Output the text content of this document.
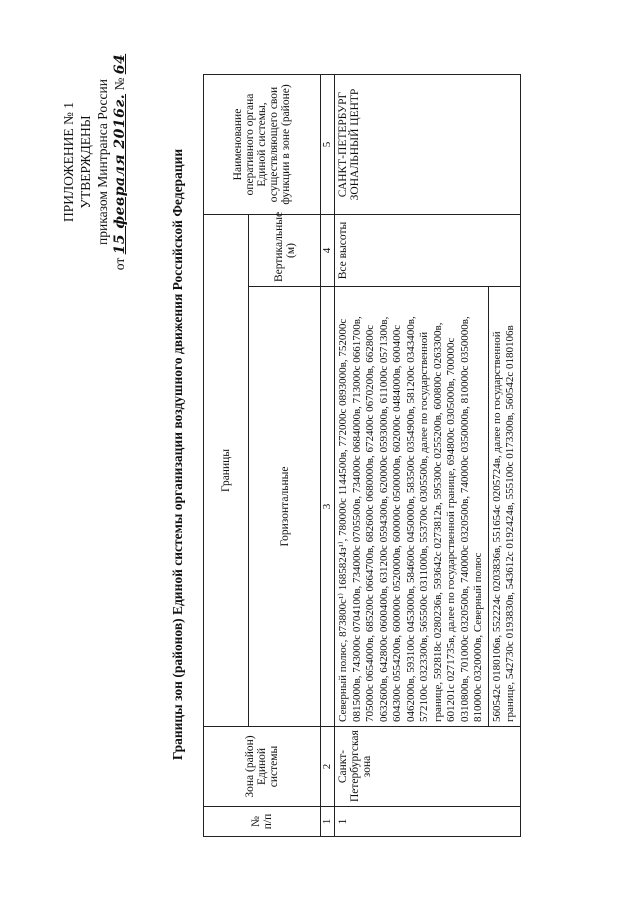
ПРИЛОЖЕНИЕ № 1 УТВЕРЖДЕНЫ приказом Минтранса России
от 15 февраля 2016г. № 64
Границы зон (районов) Единой системы организации воздушного движения Российской Федерации
№ п/п	Зона (район) Единой системы	Границы		Наименование оперативного органа Единой системы, осуществляющего свои функции в зоне (районе)
		Горизонтальные	Вертикальные (м)	
1	2	3	4	5
1	Санкт-Петербургская зона	Северный полюс, 873800с¹⁾ 1685824з¹⁾, 780000с 1144500в, 772000с 0893000в, 752000с 0815000в, 743000с 0704100в, 734000с 0705500в, 734000с 0684000в, 713000с 0661700в, 705000с 0654000в, 685200с 0664700в, 682600с 0680000в, 672400с 0670200в, 662800с 0632600в, 642800с 0600400в, 631200с 0594300в, 620000с 0593000в, 611000с 0571300в, 604300с 0554200в, 600000с 0520000в, 600000с 0500000в, 602000с 0484000в, 600400с 0462000в, 593100с 0453000в, 584600с 0450000в, 583500с 0354900в, 581200с 0343400в, 572100с 0323300в, 565500с 0311000в, 553700с 0305500в, далее по государственной границе, 592818с 0280236в, 593642с 0273812в, 595300с 0255200в, 600800с 0263300в, 601201с 0271735в, далее по государственной границе, 694800с 0305000в, 700000с 0310800в, 701000с 0320500в, 740000с 0320500в, 740000с 0350000в, 810000с 0350000в, 810000с 0320000в, Северный полюс	Все высоты	САНКТ-ПЕТЕРБУРГ ЗОНАЛЬНЫЙ ЦЕНТР
		560542с 0180106в, 552224с 0203836в, 551654с 0205724в, далее по государственной границе, 542730с 0193830в, 543612с 0192424в, 555100с 0173300в, 560542с 0180106в		
